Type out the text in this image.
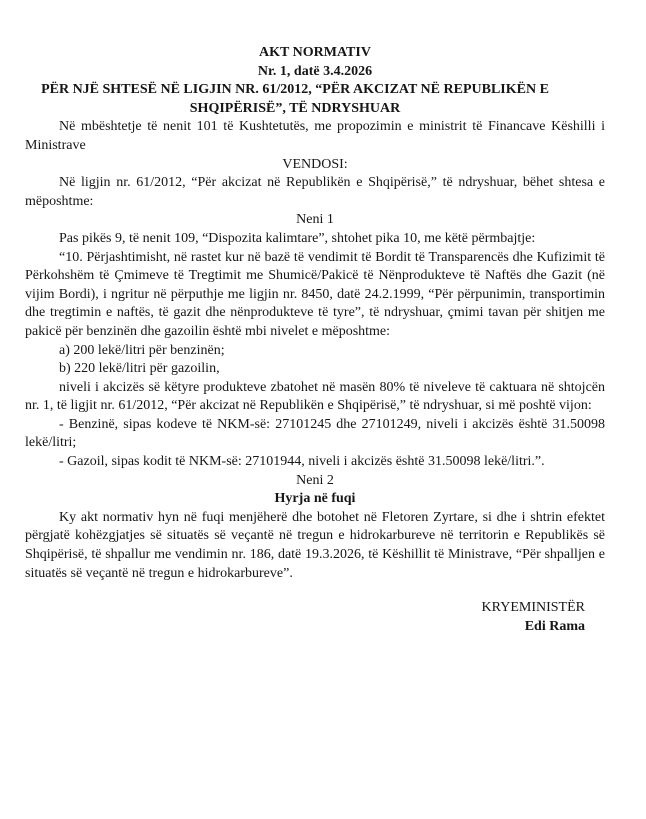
AKT NORMATIV

Nr. 1, datë 3.4.2026

PËR NJË SHTESË NË LIGJIN NR. 61/2012, “PËR AKCIZAT NË REPUBLIKËN E SHQIPËRISË”, TË NDRYSHUAR

Në mbështetje të nenit 101 të Kushtetutës, me propozimin e ministrit të Financave Këshilli i Ministrave

VENDOSI:

Në ligjin nr. 61/2012, “Për akcizat në Republikën e Shqipërisë,” të ndryshuar, bëhet shtesa e mëposhtme:

Neni 1

Pas pikës 9, të nenit 109, “Dispozita kalimtare”, shtohet pika 10, me këtë përmbajtje:

“10. Përjashtimisht, në rastet kur në bazë të vendimit të Bordit të Transparencës dhe Kufizimit të Përkohshëm të Çmimeve të Tregtimit me Shumicë/Pakicë të Nënprodukteve të Naftës dhe Gazit (në vijim Bordi), i ngritur në përputhje me ligjin nr. 8450, datë 24.2.1999, “Për përpunimin, transportimin dhe tregtimin e naftës, të gazit dhe nënprodukteve të tyre”, të ndryshuar, çmimi tavan për shitjen me pakicë për benzinën dhe gazoilin është mbi nivelet e mëposhtme:

a) 200 lekë/litri për benzinën;

b) 220 lekë/litri për gazoilin,

niveli i akcizës së këtyre produkteve zbatohet në masën 80% të niveleve të caktuara në shtojcën nr. 1, të ligjit nr. 61/2012, “Për akcizat në Republikën e Shqipërisë,” të ndryshuar, si më poshtë vijon:

- Benzinë, sipas kodeve të NKM-së: 27101245 dhe 27101249, niveli i akcizës është 31.50098 lekë/litri;

- Gazoil, sipas kodit të NKM-së: 27101944, niveli i akcizës është 31.50098 lekë/litri.”.

Neni 2

Hyrja në fuqi

Ky akt normativ hyn në fuqi menjëherë dhe botohet në Fletoren Zyrtare, si dhe i shtrin efektet përgjatë kohëzgjatjes së situatës së veçantë në tregun e hidrokarbureve në territorin e Republikës së Shqipërisë, të shpallur me vendimin nr. 186, datë 19.3.2026, të Këshillit të Ministrave, “Për shpalljen e situatës së veçantë në tregun e hidrokarbureve”.

KRYEMINISTËR

Edi Rama
